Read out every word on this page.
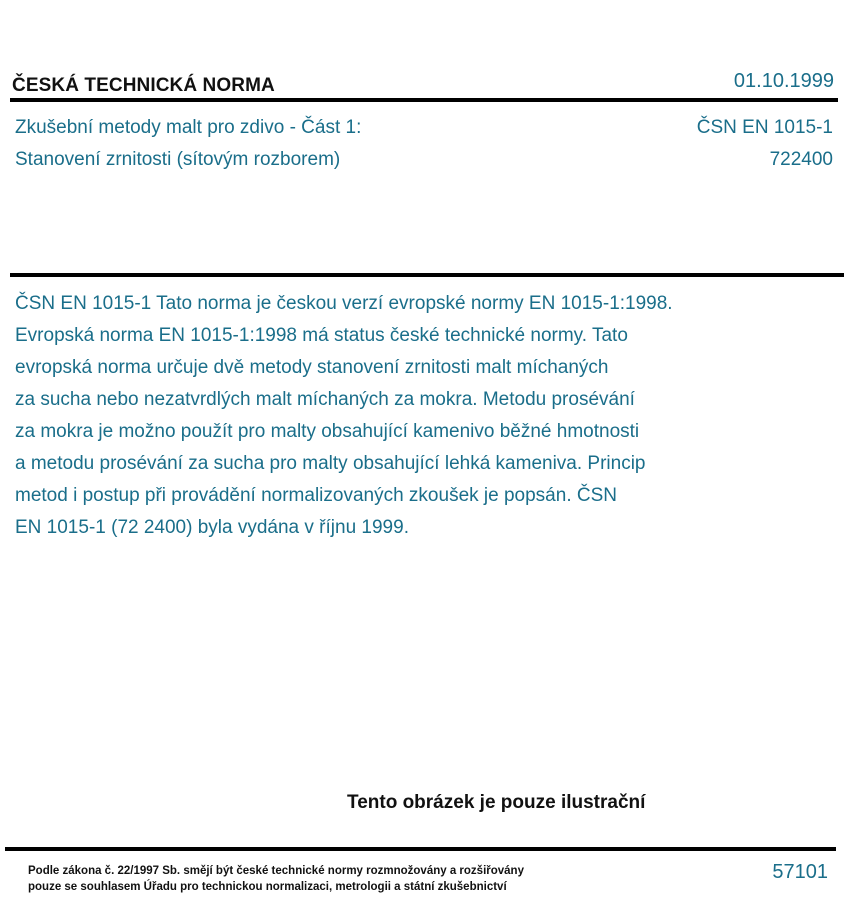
ČESKÁ TECHNICKÁ NORMA	01.10.1999
Zkušební metody malt pro zdivo - Část 1:
Stanovení zrnitosti (sítovým rozborem)
ČSN EN 1015-1
722400
ČSN EN 1015-1 Tato norma je českou verzí evropské normy EN 1015-1:1998.
Evropská norma EN 1015-1:1998 má status české technické normy. Tato
evropská norma určuje dvě metody stanovení zrnitosti malt míchaných
za sucha nebo nezatvrdlých malt míchaných za mokra. Metodu prosévání
za mokra je možno použít pro malty obsahující kamenivo běžné hmotnosti
a metodu prosévání za sucha pro malty obsahující lehká kameniva. Princip
metod i postup při provádění normalizovaných zkoušek je popsán. ČSN
EN 1015-1 (72 2400) byla vydána v říjnu 1999.
Tento obrázek je pouze ilustrační
Podle zákona č. 22/1997 Sb. smějí být české technické normy rozmnožovány a rozšiřovány
pouze se souhlasem Úřadu pro technickou normalizaci, metrologii a státní zkušebnictví
57101
